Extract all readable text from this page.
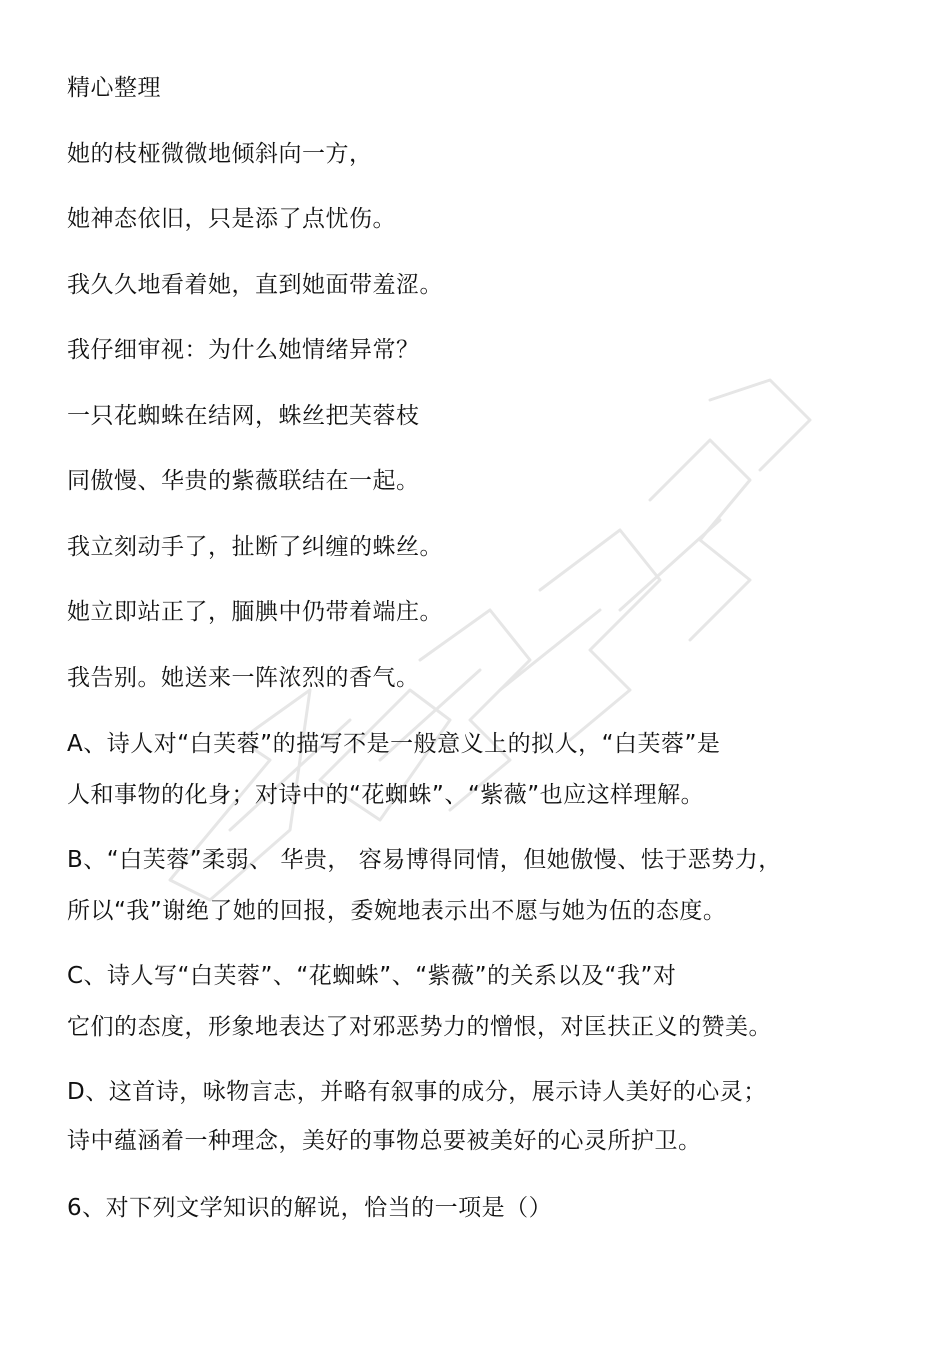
精心整理
她的枝桠微微地倾斜向一方，
她神态依旧，只是添了点忧伤。
我久久地看着她，直到她面带羞涩。
我仔细审视：为什么她情绪异常？
一只花蜘蛛在结网，蛛丝把芙蓉枝
同傲慢、华贵的紫薇联结在一起。
我立刻动手了，扯断了纠缠的蛛丝。
她立即站正了，腼腆中仍带着端庄。
我告别。她送来一阵浓烈的香气。
A、诗人对“白芙蓉”的描写不是一般意义上的拟人，“白芙蓉”是
人和事物的化身；对诗中的“花蜘蛛”、“紫薇”也应这样理解。
B、“白芙蓉”柔弱、 华贵， 容易博得同情，但她傲慢、怯于恶势力，
所以“我”谢绝了她的回报，委婉地表示出不愿与她为伍的态度。
C、诗人写“白芙蓉”、“花蜘蛛”、“紫薇”的关系以及“我”对
它们的态度，形象地表达了对邪恶势力的憎恨，对匡扶正义的赞美。
D、这首诗，咏物言志，并略有叙事的成分，展示诗人美好的心灵；
诗中蕴涵着一种理念，美好的事物总要被美好的心灵所护卫。
6、对下列文学知识的解说，恰当的一项是（）
